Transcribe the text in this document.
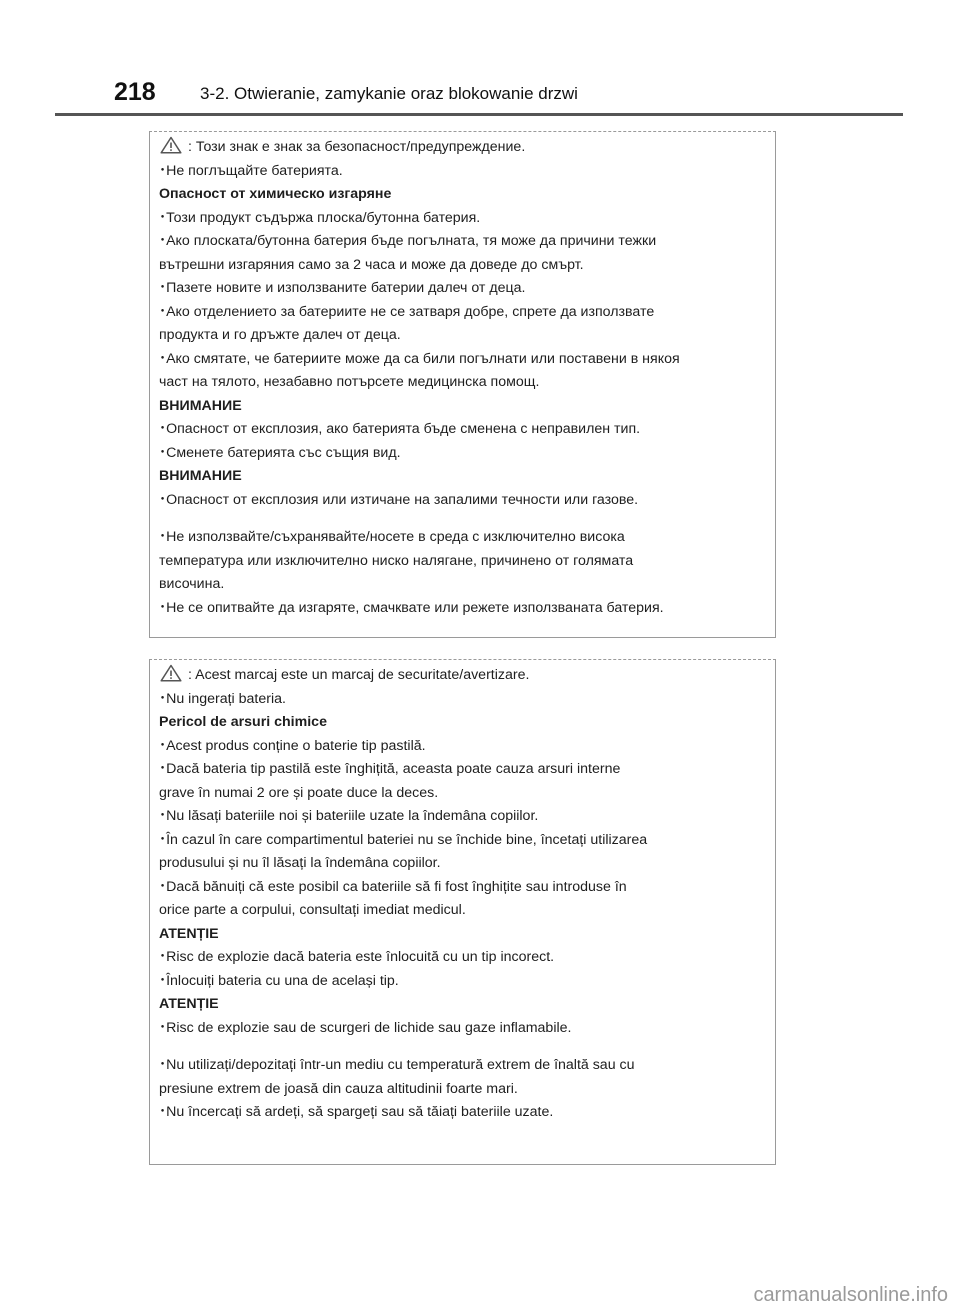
218	3-2. Otwieranie, zamykanie oraz blokowanie drzwi
: Този знак е знак за безопасност/предупреждение.
･Не поглъщайте батерията.
Опасност от химическо изгаряне
･Този продукт съдържа плоска/бутонна батерия.
･Ако плоската/бутонна батерия бъде погълната, тя може да причини тежки
вътрешни изгаряния само за 2 часа и може да доведе до смърт.
･Пазете новите и използваните батерии далеч от деца.
･Ако отделението за батериите не се затваря добре, спрете да използвате
продукта и го дръжте далеч от деца.
･Ако смятате, че батериите може да са били погълнати или поставени в някоя
част на тялото, незабавно потърсете медицинска помощ.
ВНИМАНИЕ
･Опасност от експлозия, ако батерията бъде сменена с неправилен тип.
･Сменете батерията със същия вид.
ВНИМАНИЕ
･Опасност от експлозия или изтичане на запалими течности или газове.
･Не използвайте/съхранявайте/носете в среда с изключително висока
температура или изключително ниско налягане, причинено от голямата
височина.
･Не се опитвайте да изгаряте, смачквате или режете използваната батерия.
: Acest marcaj este un marcaj de securitate/avertizare.
･Nu ingerați bateria.
Pericol de arsuri chimice
･Acest produs conține o baterie tip pastilă.
･Dacă bateria tip pastilă este înghițită, aceasta poate cauza arsuri interne
grave în numai 2 ore și poate duce la deces.
･Nu lăsați bateriile noi și bateriile uzate la îndemâna copiilor.
･În cazul în care compartimentul bateriei nu se închide bine, încetați utilizarea
produsului și nu îl lăsați la îndemâna copiilor.
･Dacă bănuiți că este posibil ca bateriile să fi fost înghițite sau introduse în
orice parte a corpului, consultați imediat medicul.
ATENȚIE
･Risc de explozie dacă bateria este înlocuită cu un tip incorect.
･Înlocuiți bateria cu una de același tip.
ATENȚIE
･Risc de explozie sau de scurgeri de lichide sau gaze inflamabile.
･Nu utilizați/depozitați într-un mediu cu temperatură extrem de înaltă sau cu
presiune extrem de joasă din cauza altitudinii foarte mari.
･Nu încercați să ardeți, să spargeți sau să tăiați bateriile uzate.
carmanualsonline.info
